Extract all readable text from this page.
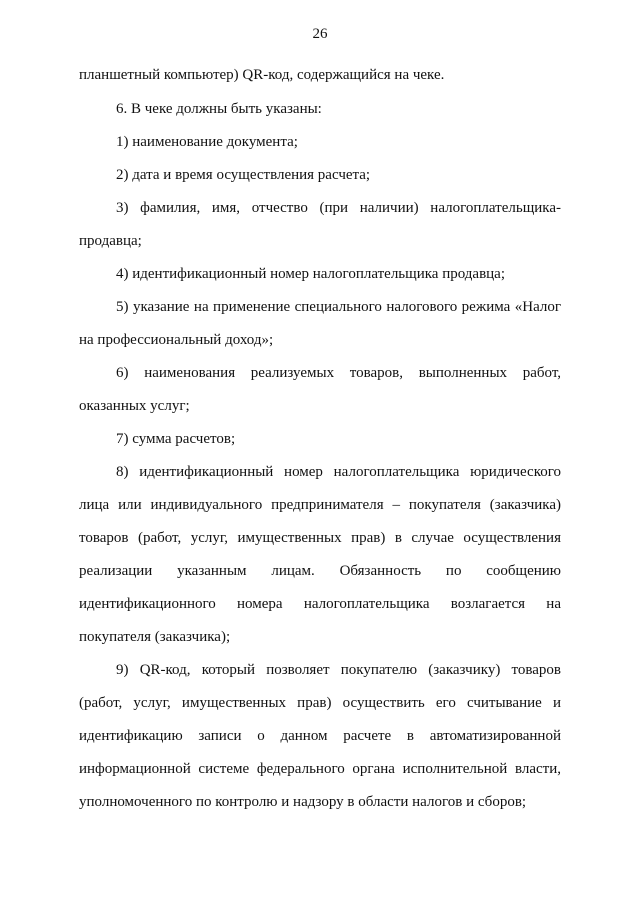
26
планшетный компьютер) QR-код, содержащийся на чеке.
6. В чеке должны быть указаны:
1) наименование документа;
2) дата и время осуществления расчета;
3) фамилия, имя, отчество (при наличии) налогоплательщика-
продавца;
4) идентификационный номер налогоплательщика продавца;
5) указание на применение специального налогового режима «Налог
на профессиональный доход»;
6) наименования реализуемых товаров, выполненных работ,
оказанных услуг;
7) сумма расчетов;
8) идентификационный номер налогоплательщика юридического
лица или индивидуального предпринимателя – покупателя (заказчика)
товаров (работ, услуг, имущественных прав) в случае осуществления
реализации указанным лицам. Обязанность по сообщению
идентификационного номера налогоплательщика возлагается на
покупателя (заказчика);
9) QR-код, который позволяет покупателю (заказчику) товаров
(работ, услуг, имущественных прав) осуществить его считывание и
идентификацию записи о данном расчете в автоматизированной
информационной системе федерального органа исполнительной власти,
уполномоченного по контролю и надзору в области налогов и сборов;
